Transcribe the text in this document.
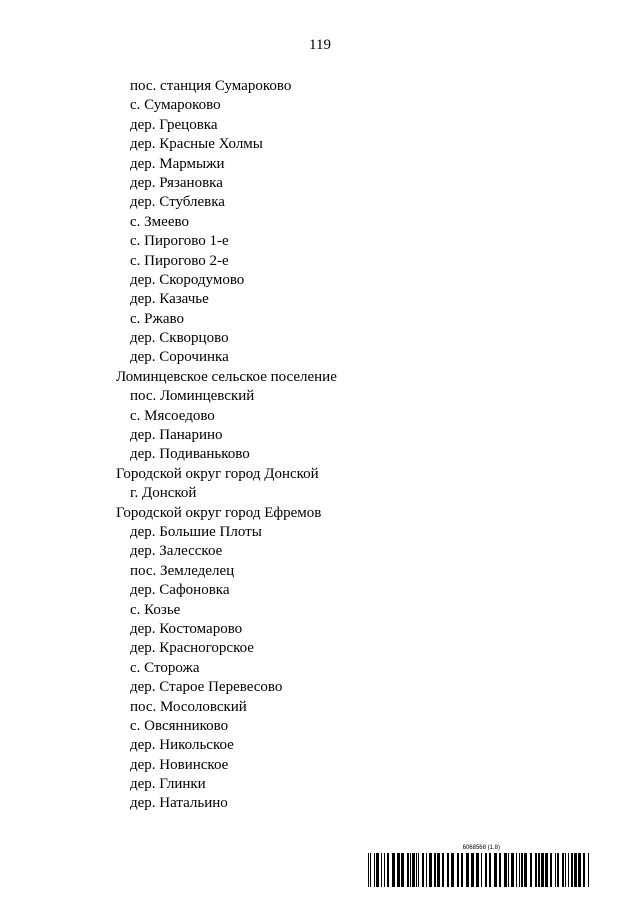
119
пос. станция Сумароково
с. Сумароково
дер. Грецовка
дер. Красные Холмы
дер. Мармыжи
дер. Рязановка
дер. Стублевка
с. Змеево
с. Пирогово 1-е
с. Пирогово 2-е
дер. Скородумово
дер. Казачье
с. Ржаво
дер. Скворцово
дер. Сорочинка
Ломинцевское сельское поселение
пос. Ломинцевский
с. Мясоедово
дер. Панарино
дер. Подиваньково
Городской округ город Донской
г. Донской
Городской округ город Ефремов
дер. Большие Плоты
дер. Залесское
пос. Земледелец
дер. Сафоновка
с. Козье
дер. Костомарово
дер. Красногорское
с. Сторожа
дер. Старое Перевесово
пос. Мосоловский
с. Овсянниково
дер. Никольское
дер. Новинское
дер. Глинки
дер. Натальино
6068568 (1.8)
